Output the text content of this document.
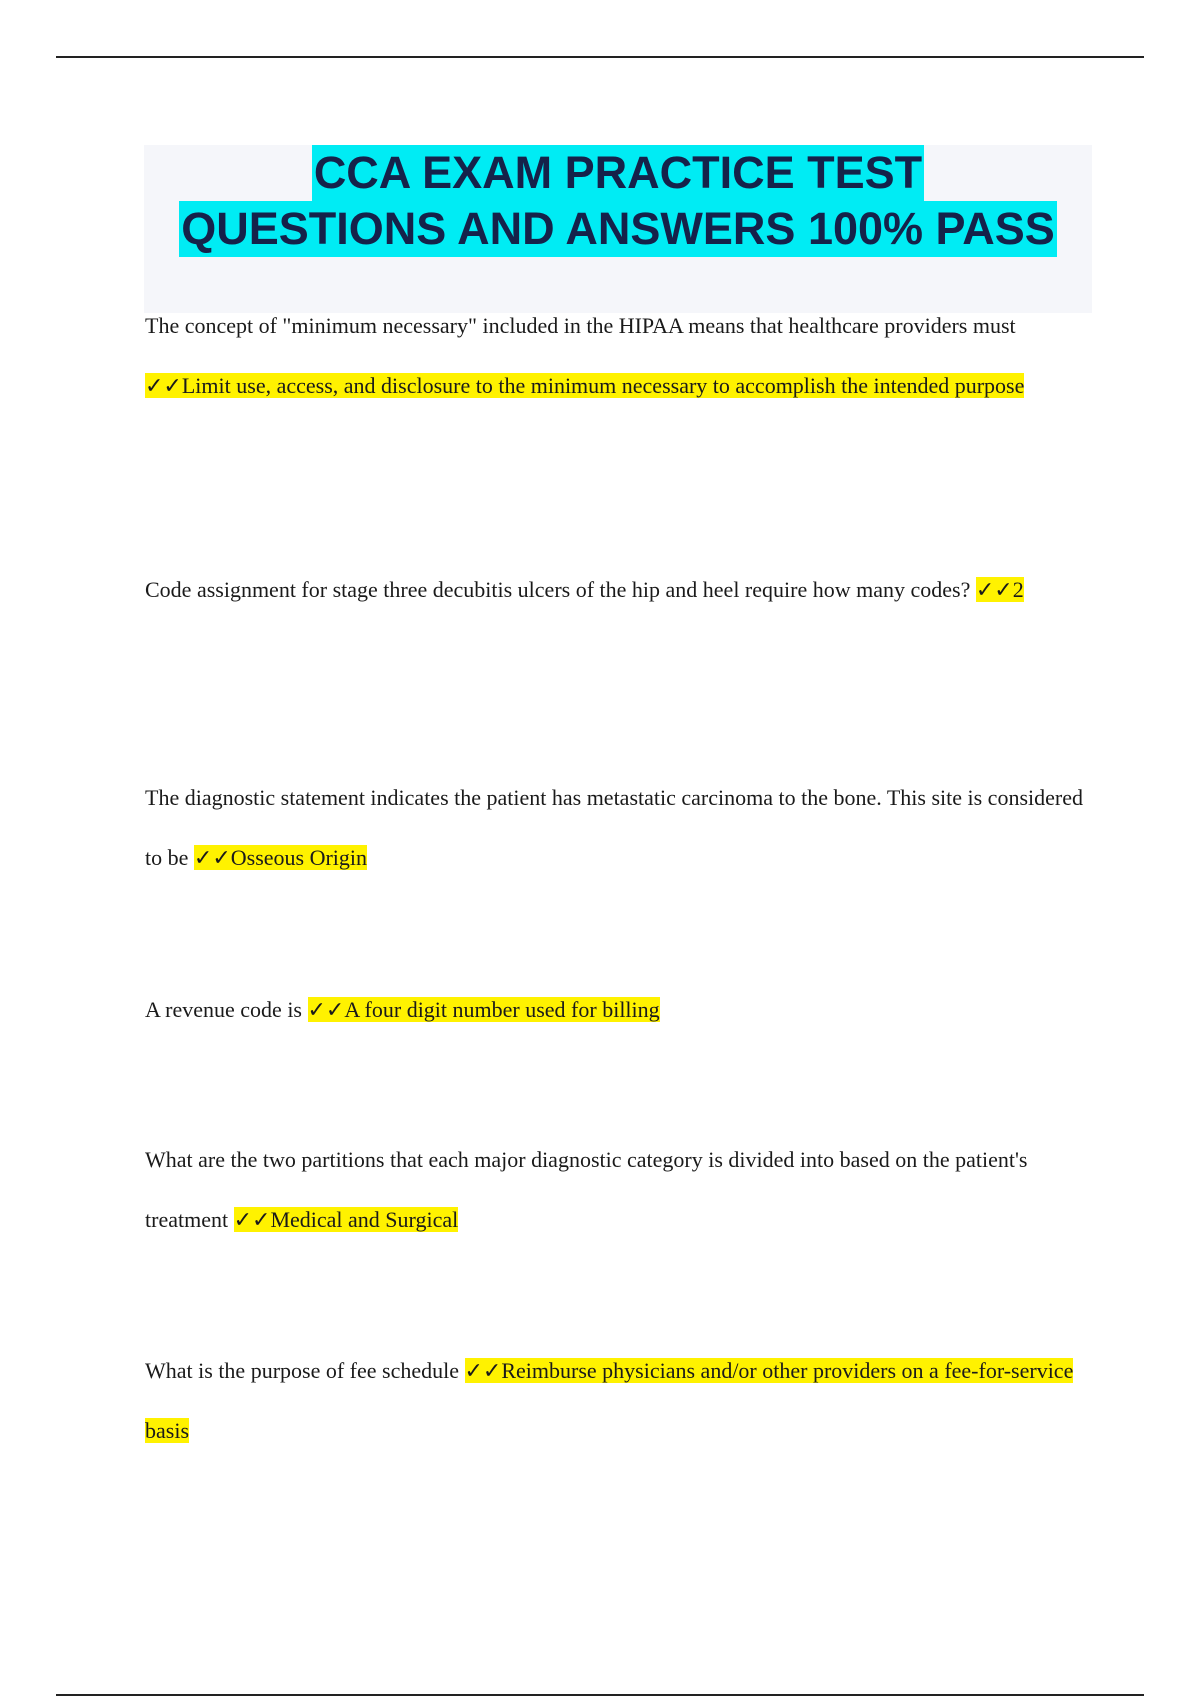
CCA EXAM PRACTICE TEST
QUESTIONS AND ANSWERS 100% PASS

The concept of "minimum necessary" included in the HIPAA means that healthcare providers must ✓✓Limit use, access, and disclosure to the minimum necessary to accomplish the intended purpose

Code assignment for stage three decubitis ulcers of the hip and heel require how many codes? ✓✓2

The diagnostic statement indicates the patient has metastatic carcinoma to the bone. This site is considered to be ✓✓Osseous Origin

A revenue code is ✓✓A four digit number used for billing

What are the two partitions that each major diagnostic category is divided into based on the patient's treatment ✓✓Medical and Surgical

What is the purpose of fee schedule ✓✓Reimburse physicians and/or other providers on a fee-for-service basis
